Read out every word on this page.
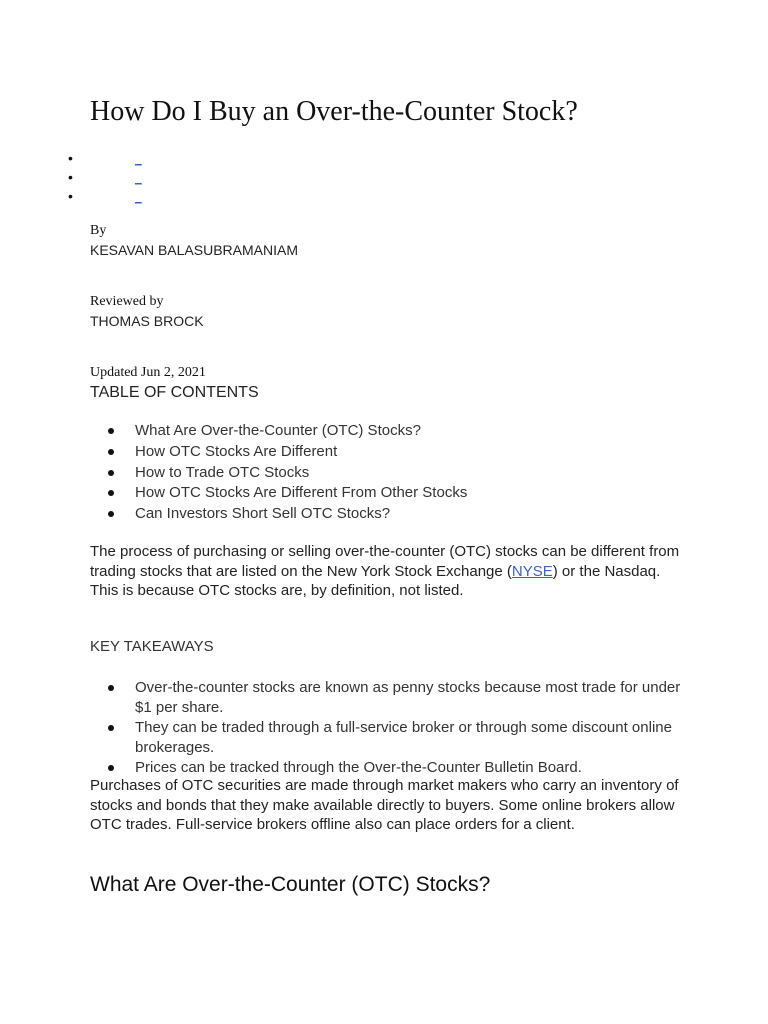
How Do I Buy an Over-the-Counter Stock?
•	_
•	_
•	_
By
KESAVAN BALASUBRAMANIAM
Reviewed by
THOMAS BROCK
Updated Jun 2, 2021
TABLE OF CONTENTS
What Are Over-the-Counter (OTC) Stocks?
How OTC Stocks Are Different
How to Trade OTC Stocks
How OTC Stocks Are Different From Other Stocks
Can Investors Short Sell OTC Stocks?

The process of purchasing or selling over-the-counter (OTC) stocks can be different from trading stocks that are listed on the New York Stock Exchange (NYSE) or the Nasdaq. This is because OTC stocks are, by definition, not listed.

KEY TAKEAWAYS
Over-the-counter stocks are known as penny stocks because most trade for under $1 per share.
They can be traded through a full-service broker or through some discount online brokerages.
Prices can be tracked through the Over-the-Counter Bulletin Board.

Purchases of OTC securities are made through market makers who carry an inventory of stocks and bonds that they make available directly to buyers. Some online brokers allow OTC trades. Full-service brokers offline also can place orders for a client.

What Are Over-the-Counter (OTC) Stocks?
